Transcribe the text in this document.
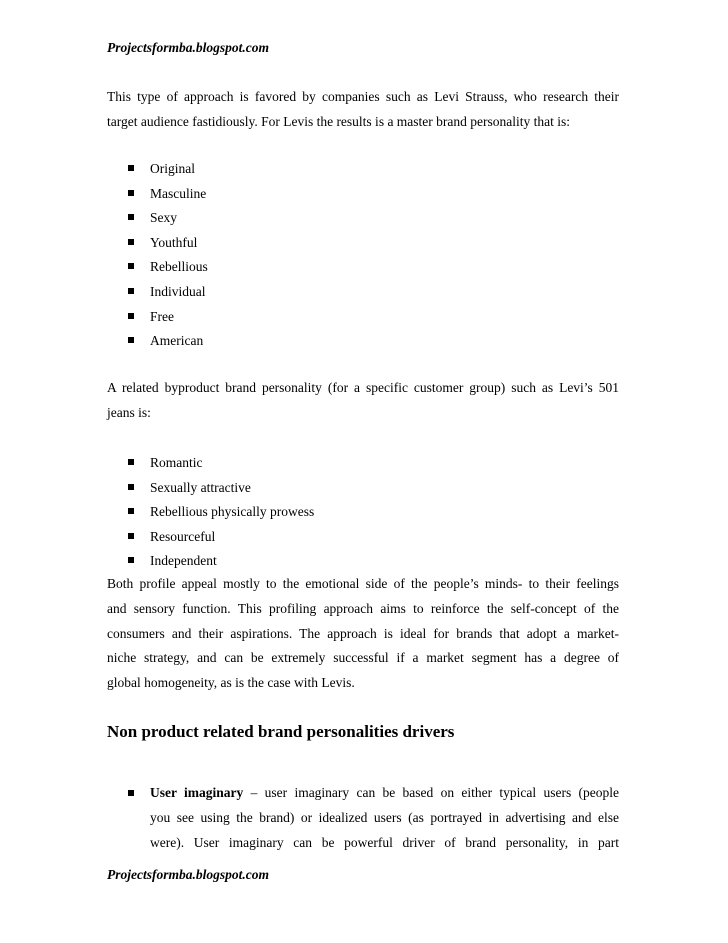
Projectsformba.blogspot.com
This type of approach is favored by companies such as Levi Strauss, who research their
target audience fastidiously. For Levis the results is a master brand personality that is:
Original
Masculine
Sexy
Youthful
Rebellious
Individual
Free
American
A related byproduct brand personality (for a specific customer group) such as Levi’s 501
jeans is:
Romantic
Sexually attractive
Rebellious physically prowess
Resourceful
Independent
Both profile appeal mostly to the emotional side of the people’s minds- to their feelings
and sensory function. This profiling approach aims to reinforce the self-concept of the
consumers and their aspirations. The approach is ideal for brands that adopt a market-
niche strategy, and can be extremely successful if a market segment has a degree of
global homogeneity, as is the case with Levis.
Non product related brand personalities drivers
User imaginary – user imaginary can be based on either typical users (people
you see using the brand) or idealized users (as portrayed in advertising and else
were). User imaginary can be powerful driver of brand personality, in part
Projectsformba.blogspot.com
